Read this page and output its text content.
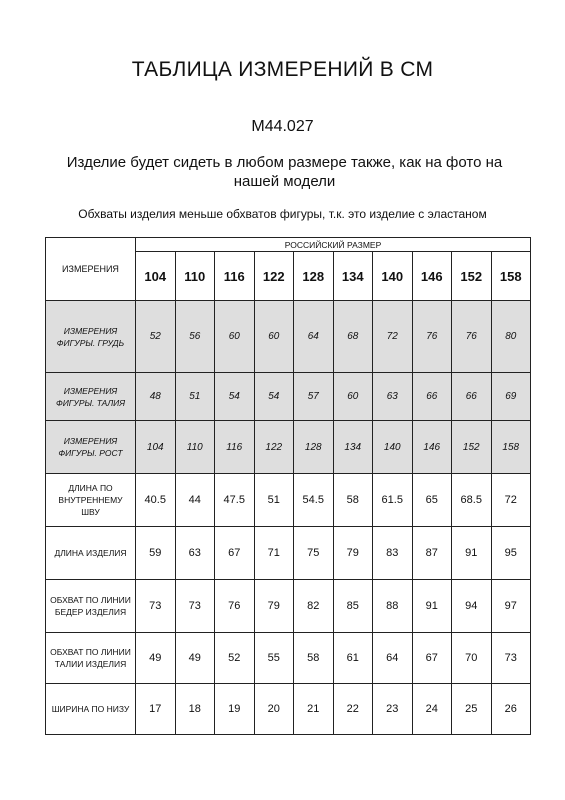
ТАБЛИЦА ИЗМЕРЕНИЙ В СМ
M44.027
Изделие будет сидеть в любом размере также, как на фото на нашей модели
Обхваты изделия меньше обхватов фигуры, т.к. это изделие с эластаном
ИЗМЕРЕНИЯ	РОССИЙСКИЙ РАЗМЕР									
	104	110	116	122	128	134	140	146	152	158
ИЗМЕРЕНИЯ ФИГУРЫ. ГРУДЬ	52	56	60	60	64	68	72	76	76	80
ИЗМЕРЕНИЯ ФИГУРЫ. ТАЛИЯ	48	51	54	54	57	60	63	66	66	69
ИЗМЕРЕНИЯ ФИГУРЫ. РОСТ	104	110	116	122	128	134	140	146	152	158
ДЛИНА ПО ВНУТРЕННЕМУ ШВУ	40.5	44	47.5	51	54.5	58	61.5	65	68.5	72
ДЛИНА ИЗДЕЛИЯ	59	63	67	71	75	79	83	87	91	95
ОБХВАТ ПО ЛИНИИ БЕДЕР ИЗДЕЛИЯ	73	73	76	79	82	85	88	91	94	97
ОБХВАТ ПО ЛИНИИ ТАЛИИ ИЗДЕЛИЯ	49	49	52	55	58	61	64	67	70	73
ШИРИНА ПО НИЗУ	17	18	19	20	21	22	23	24	25	26
